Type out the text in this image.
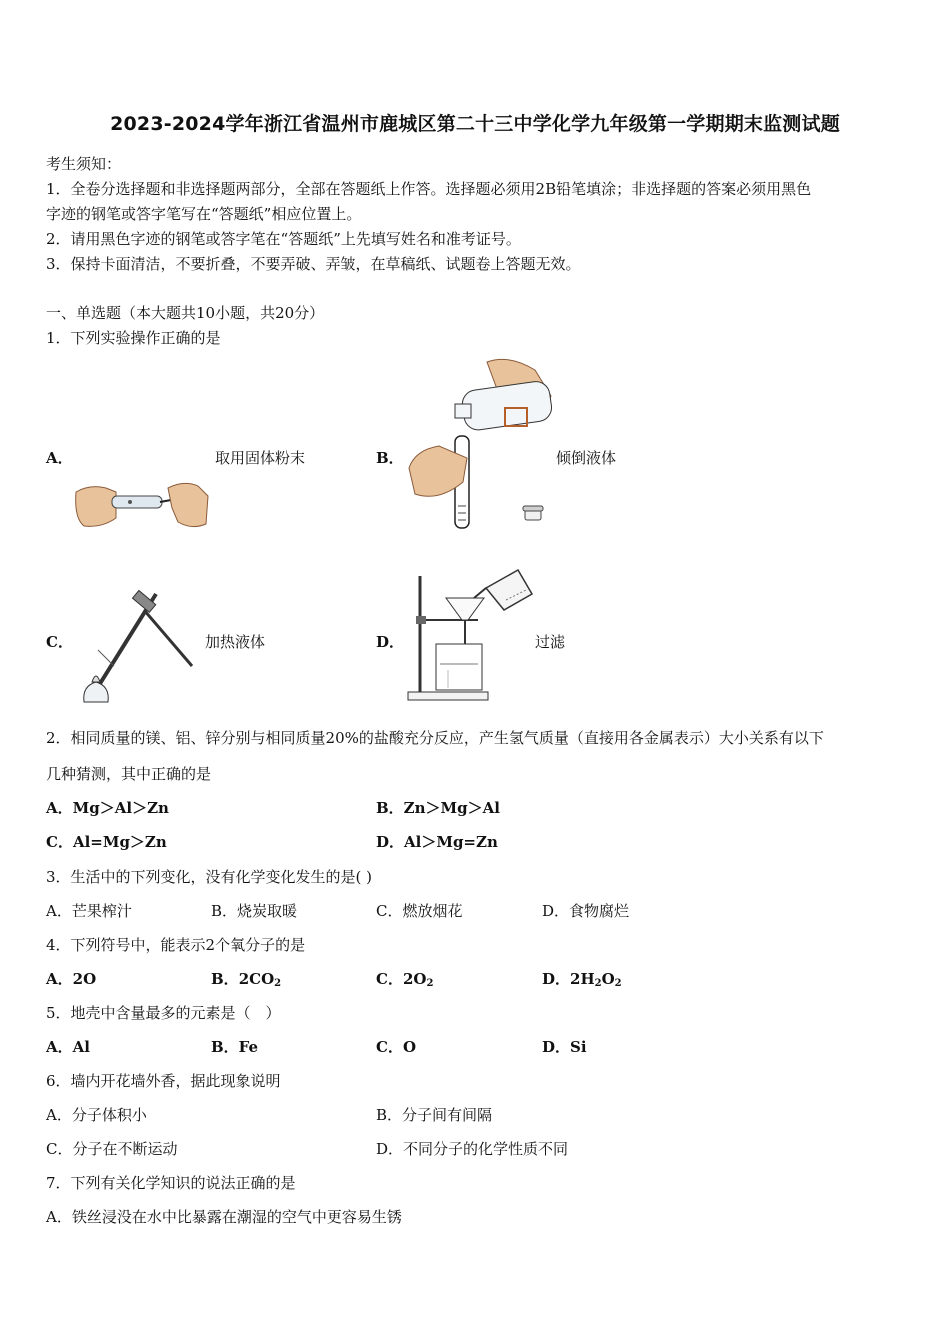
2023-2024学年浙江省温州市鹿城区第二十三中学化学九年级第一学期期末监测试题
考生须知：
1．全卷分选择题和非选择题两部分，全部在答题纸上作答。选择题必须用2B铅笔填涂；非选择题的答案必须用黑色
字迹的钢笔或答字笔写在“答题纸”相应位置上。
2．请用黑色字迹的钢笔或答字笔在“答题纸”上先填写姓名和准考证号。
3．保持卡面清洁，不要折叠，不要弄破、弄皱，在草稿纸、试题卷上答题无效。
一、单选题（本大题共10小题，共20分）
1．下列实验操作正确的是
A．	取用固体粉末	B．	倾倒液体
C．	加热液体	D．	过滤
2．相同质量的镁、铝、锌分别与相同质量20%的盐酸充分反应，产生氢气质量（直接用各金属表示）大小关系有以下
几种猜测，其中正确的是
A．Mg＞Al＞Zn	B．Zn＞Mg＞Al
C．Al=Mg＞Zn	D．Al＞Mg=Zn
3．生活中的下列变化，没有化学变化发生的是( )
A．芒果榨汁	B．烧炭取暖	C．燃放烟花	D．食物腐烂
4．下列符号中，能表示2个氧分子的是
A．2O	B．$2CO_2$	C．$2O_2$	D．$2H_2O_2$
5．地壳中含量最多的元素是（　）
A．Al	B．Fe	C．O	D．Si
6．墙内开花墙外香，据此现象说明
A．分子体积小	B．分子间有间隔
C．分子在不断运动	D．不同分子的化学性质不同
7．下列有关化学知识的说法正确的是
A．铁丝浸没在水中比暴露在潮湿的空气中更容易生锈
